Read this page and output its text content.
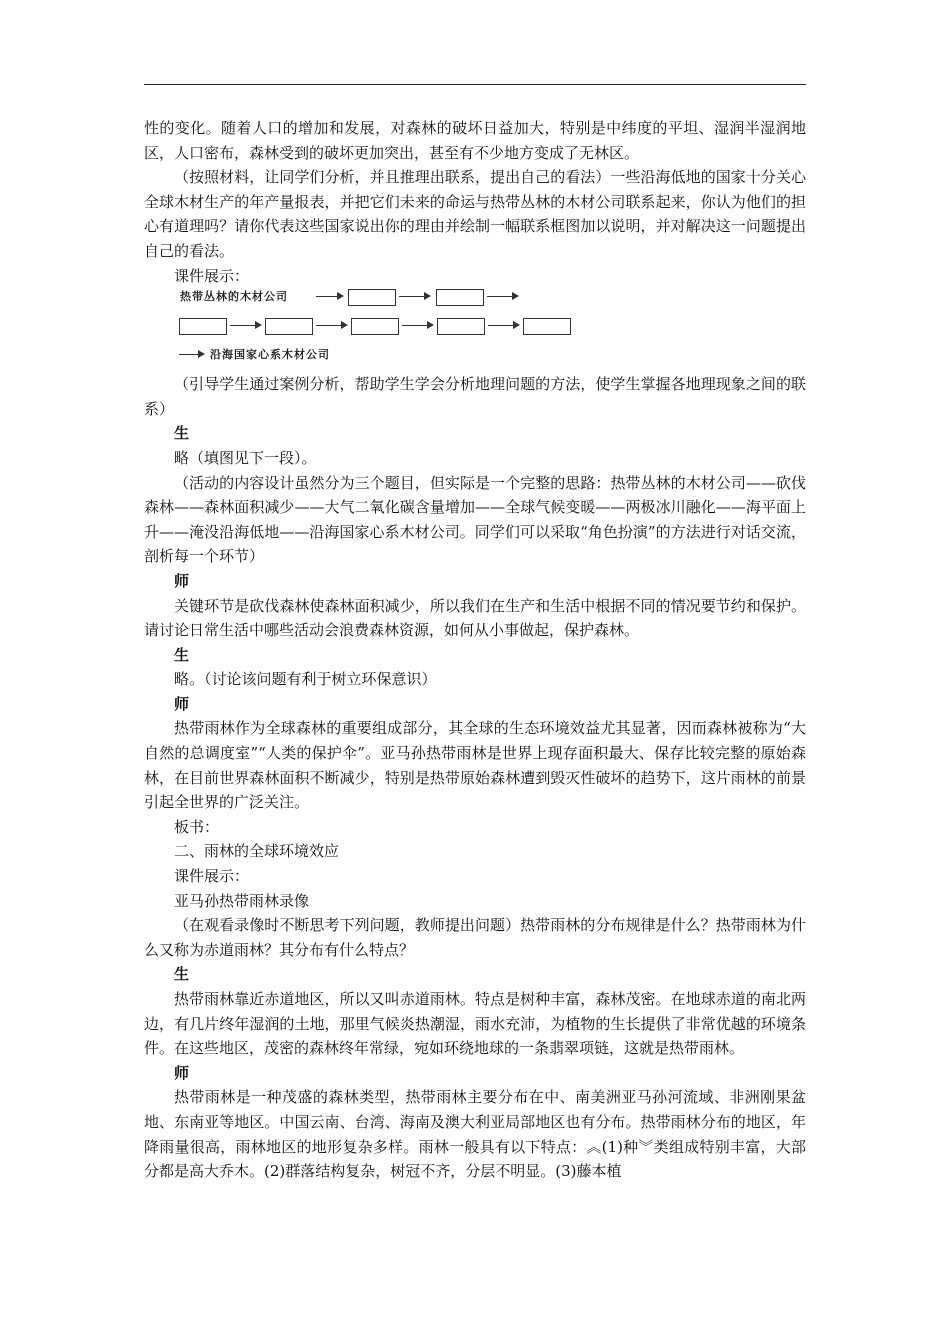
性的变化。随着人口的增加和发展，对森林的破坏日益加大，特别是中纬度的平坦、湿润半湿润地区，人口密布，森林受到的破坏更加突出，甚至有不少地方变成了无林区。

（按照材料，让同学们分析，并且推理出联系，提出自己的看法）一些沿海低地的国家十分关心全球木材生产的年产量报表，并把它们未来的命运与热带丛林的木材公司联系起来，你认为他们的担心有道理吗？请你代表这些国家说出你的理由并绘制一幅联系框图加以说明，并对解决这一问题提出自己的看法。

课件展示：

热带丛林的木材公司
沿海国家心系木材公司

（引导学生通过案例分析，帮助学生学会分析地理问题的方法，使学生掌握各地理现象之间的联系）

生

略（填图见下一段）。

（活动的内容设计虽然分为三个题目，但实际是一个完整的思路：热带丛林的木材公司——砍伐森林——森林面积减少——大气二氧化碳含量增加——全球气候变暖——两极冰川融化——海平面上升——淹没沿海低地——沿海国家心系木材公司。同学们可以采取“角色扮演”的方法进行对话交流，剖析每一个环节）

师

关键环节是砍伐森林使森林面积减少，所以我们在生产和生活中根据不同的情况要节约和保护。请讨论日常生活中哪些活动会浪费森林资源，如何从小事做起，保护森林。

生

略。（讨论该问题有利于树立环保意识）

师

热带雨林作为全球森林的重要组成部分，其全球的生态环境效益尤其显著，因而森林被称为“大自然的总调度室”“人类的保护伞”。亚马孙热带雨林是世界上现存面积最大、保存比较完整的原始森林，在目前世界森林面积不断减少，特别是热带原始森林遭到毁灭性破坏的趋势下，这片雨林的前景引起全世界的广泛关注。

板书：

二、雨林的全球环境效应

课件展示：

亚马孙热带雨林录像

（在观看录像时不断思考下列问题，教师提出问题）热带雨林的分布规律是什么？热带雨林为什么又称为赤道雨林？其分布有什么特点？

生

热带雨林靠近赤道地区，所以又叫赤道雨林。特点是树种丰富，森林茂密。在地球赤道的南北两边，有几片终年湿润的土地，那里气候炎热潮湿，雨水充沛，为植物的生长提供了非常优越的环境条件。在这些地区，茂密的森林终年常绿，宛如环绕地球的一条翡翠项链，这就是热带雨林。

师

热带雨林是一种茂盛的森林类型，热带雨林主要分布在中、南美洲亚马孙河流域、非洲刚果盆地、东南亚等地区。中国云南、台湾、海南及澳大利亚局部地区也有分布。热带雨林分布的地区，年降雨量很高，雨林地区的地形复杂多样。雨林一般具有以下特点：︽(1)种︾类组成特别丰富，大部分都是高大乔木。(2)群落结构复杂，树冠不齐，分层不明显。(3)藤本植
